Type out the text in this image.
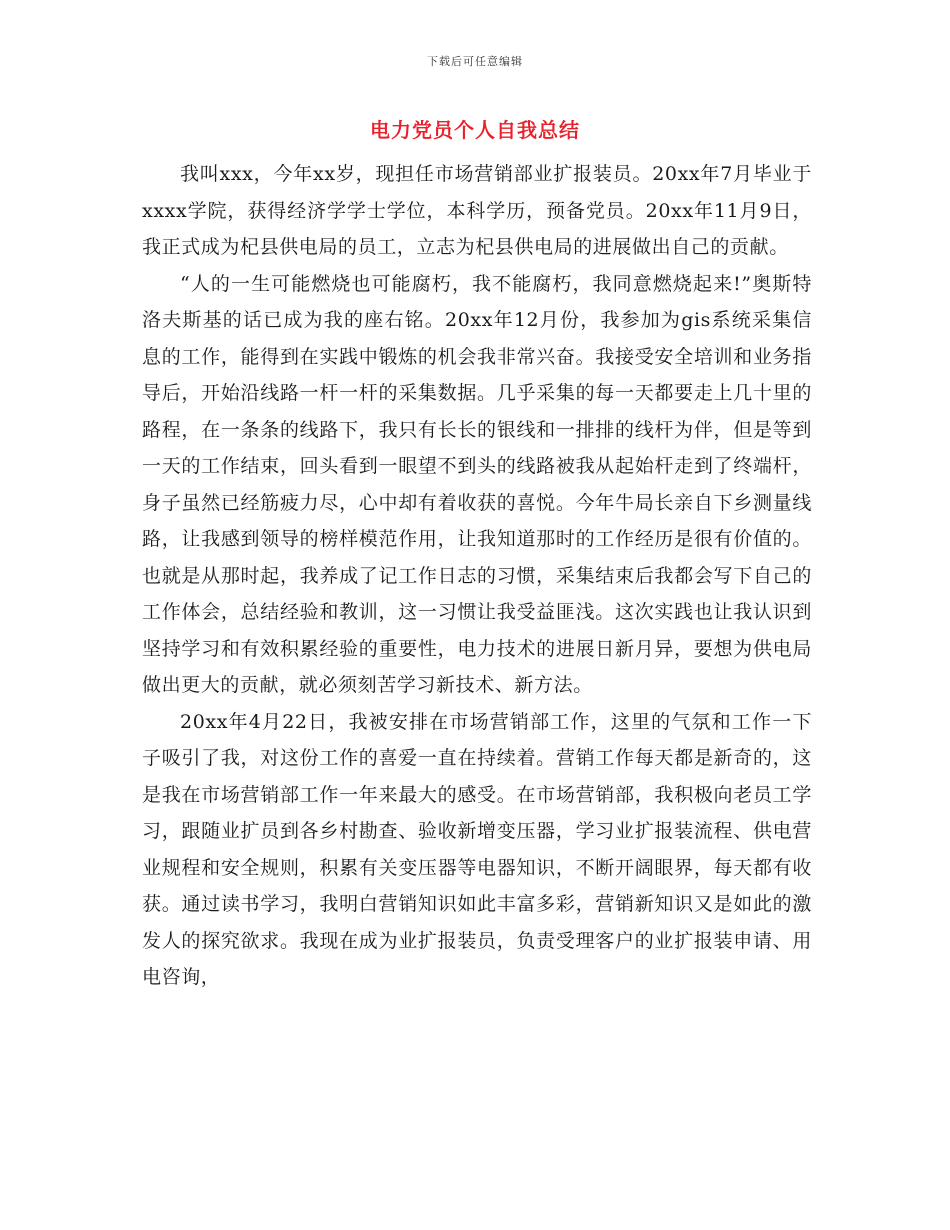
下载后可任意编辑
电力党员个人自我总结

我叫xxx，今年xx岁，现担任市场营销部业扩报装员。20xx年7月毕业于xxxx学院，获得经济学学士学位，本科学历，预备党员。20xx年11月9日，我正式成为杞县供电局的员工，立志为杞县供电局的进展做出自己的贡献。

“人的一生可能燃烧也可能腐朽，我不能腐朽，我同意燃烧起来!”奥斯特洛夫斯基的话已成为我的座右铭。20xx年12月份，我参加为gis系统采集信息的工作，能得到在实践中锻炼的机会我非常兴奋。我接受安全培训和业务指导后，开始沿线路一杆一杆的采集数据。几乎采集的每一天都要走上几十里的路程，在一条条的线路下，我只有长长的银线和一排排的线杆为伴，但是等到一天的工作结束，回头看到一眼望不到头的线路被我从起始杆走到了终端杆，身子虽然已经筋疲力尽，心中却有着收获的喜悦。今年牛局长亲自下乡测量线路，让我感到领导的榜样模范作用，让我知道那时的工作经历是很有价值的。也就是从那时起，我养成了记工作日志的习惯，采集结束后我都会写下自己的工作体会，总结经验和教训，这一习惯让我受益匪浅。这次实践也让我认识到坚持学习和有效积累经验的重要性，电力技术的进展日新月异，要想为供电局做出更大的贡献，就必须刻苦学习新技术、新方法。

20xx年4月22日，我被安排在市场营销部工作，这里的气氛和工作一下子吸引了我，对这份工作的喜爱一直在持续着。营销工作每天都是新奇的，这是我在市场营销部工作一年来最大的感受。在市场营销部，我积极向老员工学习，跟随业扩员到各乡村勘查、验收新增变压器，学习业扩报装流程、供电营业规程和安全规则，积累有关变压器等电器知识，不断开阔眼界，每天都有收获。通过读书学习，我明白营销知识如此丰富多彩，营销新知识又是如此的激发人的探究欲求。我现在成为业扩报装员，负责受理客户的业扩报装申请、用电咨询，
